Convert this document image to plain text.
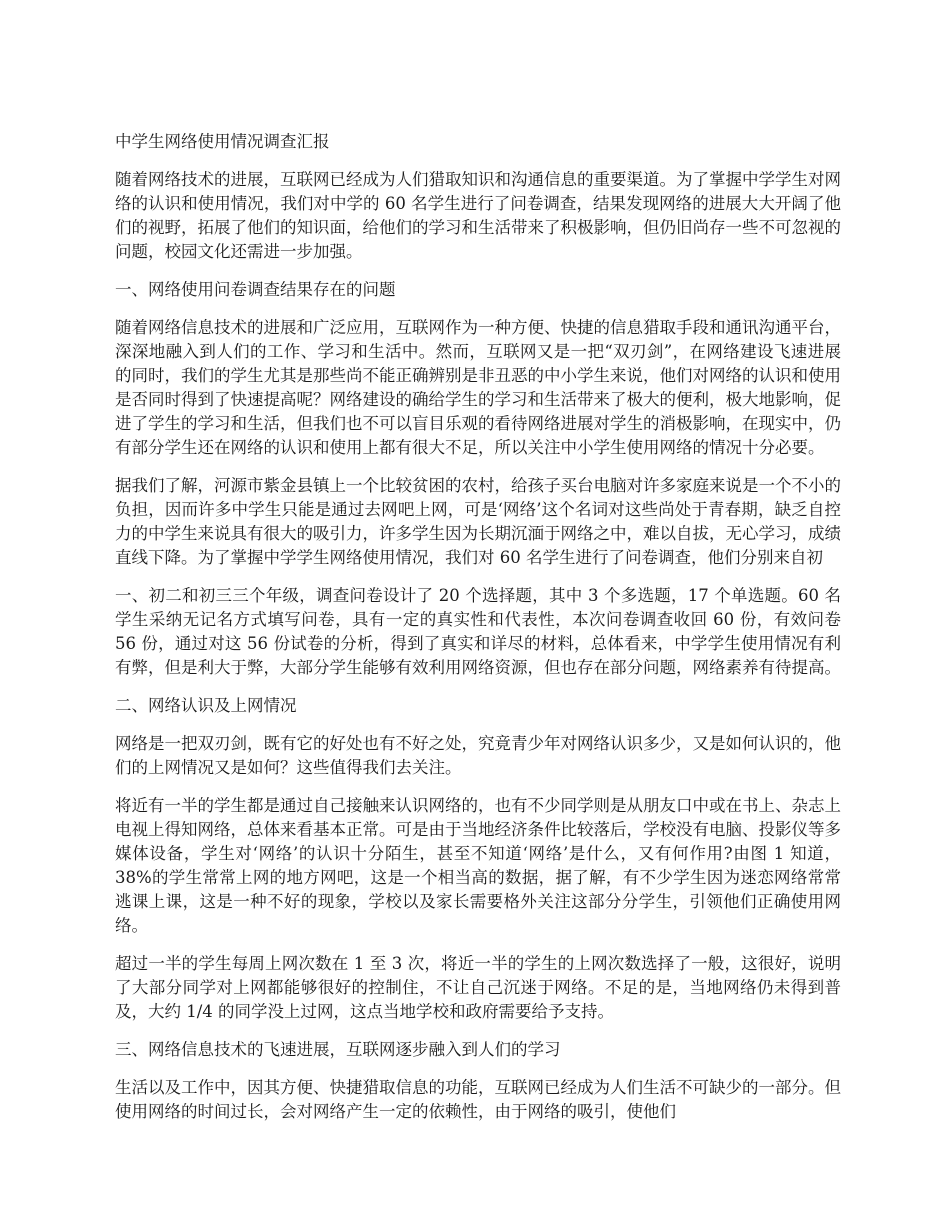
中学生网络使用情况调查汇报

随着网络技术的进展，互联网已经成为人们猎取知识和沟通信息的重要渠道。为了掌握中学学生对网络的认识和使用情况，我们对中学的 60 名学生进行了问卷调查，结果发现网络的进展大大开阔了他们的视野，拓展了他们的知识面，给他们的学习和生活带来了积极影响，但仍旧尚存一些不可忽视的问题，校园文化还需进一步加强。

一、网络使用问卷调查结果存在的问题

随着网络信息技术的进展和广泛应用，互联网作为一种方便、快捷的信息猎取手段和通讯沟通平台，深深地融入到人们的工作、学习和生活中。然而，互联网又是一把“双刃剑”，在网络建设飞速进展的同时，我们的学生尤其是那些尚不能正确辨别是非丑恶的中小学生来说，他们对网络的认识和使用是否同时得到了快速提高呢？网络建设的确给学生的学习和生活带来了极大的便利，极大地影响，促进了学生的学习和生活，但我们也不可以盲目乐观的看待网络进展对学生的消极影响，在现实中，仍有部分学生还在网络的认识和使用上都有很大不足，所以关注中小学生使用网络的情况十分必要。

据我们了解，河源市紫金县镇上一个比较贫困的农村，给孩子买台电脑对许多家庭来说是一个不小的负担，因而许多中学生只能是通过去网吧上网，可是‘网络’这个名词对这些尚处于青春期，缺乏自控力的中学生来说具有很大的吸引力，许多学生因为长期沉湎于网络之中，难以自拔，无心学习，成绩直线下降。为了掌握中学学生网络使用情况，我们对 60 名学生进行了问卷调查，他们分别来自初

一、初二和初三三个年级，调查问卷设计了 20 个选择题，其中 3 个多选题，17 个单选题。60 名学生采纳无记名方式填写问卷，具有一定的真实性和代表性，本次问卷调查收回 60 份，有效问卷 56 份，通过对这 56 份试卷的分析，得到了真实和详尽的材料，总体看来，中学学生使用情况有利有弊，但是利大于弊，大部分学生能够有效利用网络资源，但也存在部分问题，网络素养有待提高。

二、网络认识及上网情况

网络是一把双刃剑，既有它的好处也有不好之处，究竟青少年对网络认识多少，又是如何认识的，他们的上网情况又是如何？这些值得我们去关注。

将近有一半的学生都是通过自己接触来认识网络的，也有不少同学则是从朋友口中或在书上、杂志上电视上得知网络，总体来看基本正常。可是由于当地经济条件比较落后，学校没有电脑、投影仪等多媒体设备，学生对‘网络’的认识十分陌生，甚至不知道‘网络’是什么，又有何作用?由图 1 知道，38%的学生常常上网的地方网吧，这是一个相当高的数据，据了解，有不少学生因为迷恋网络常常逃课上课，这是一种不好的现象，学校以及家长需要格外关注这部分分学生，引领他们正确使用网络。

超过一半的学生每周上网次数在 1 至 3 次，将近一半的学生的上网次数选择了一般，这很好，说明了大部分同学对上网都能够很好的控制住，不让自己沉迷于网络。不足的是，当地网络仍未得到普及，大约 1/4 的同学没上过网，这点当地学校和政府需要给予支持。

三、网络信息技术的飞速进展，互联网逐步融入到人们的学习

生活以及工作中，因其方便、快捷猎取信息的功能，互联网已经成为人们生活不可缺少的一部分。但使用网络的时间过长，会对网络产生一定的依赖性，由于网络的吸引，使他们
